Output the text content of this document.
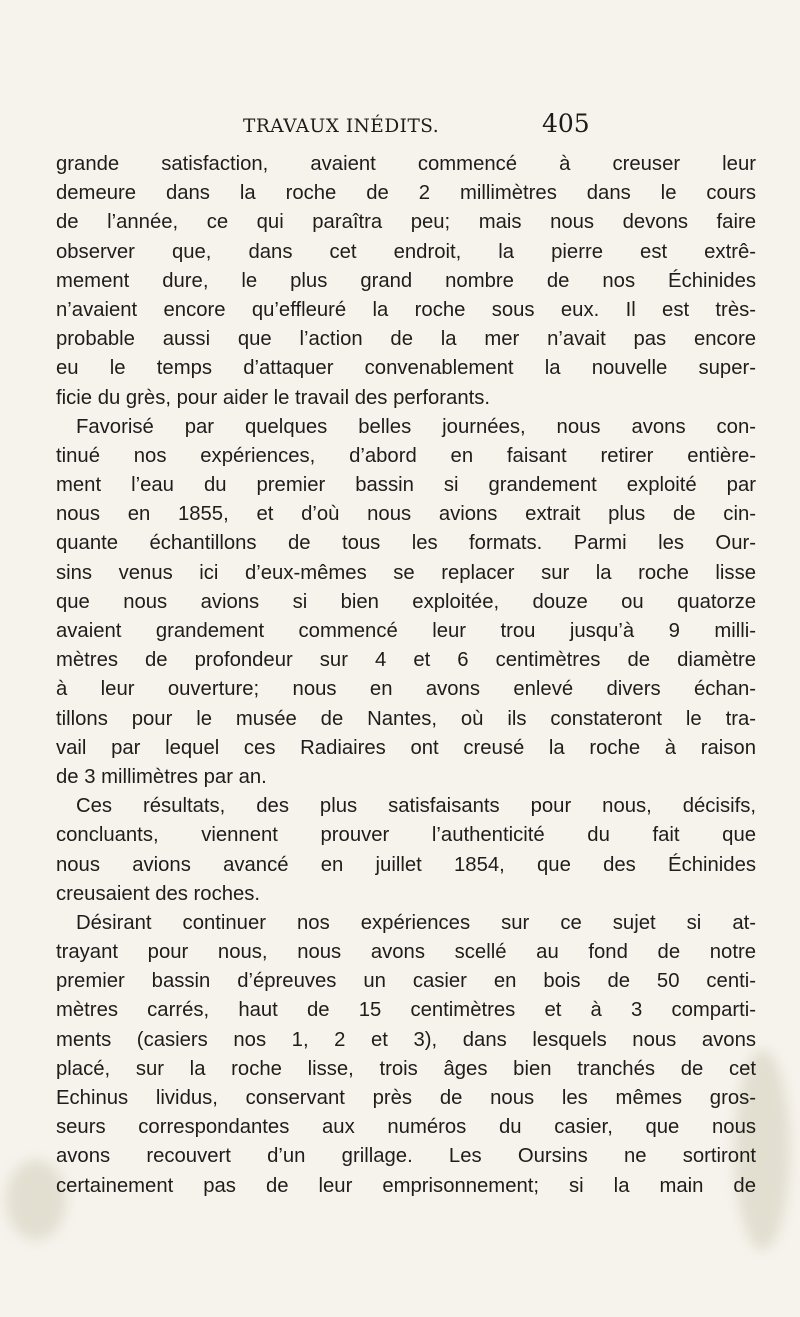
TRAVAUX INÉDITS.	405
grande satisfaction, avaient commencé à creuser leur
demeure dans la roche de 2 millimètres dans le cours
de l’année, ce qui paraîtra peu; mais nous devons faire
observer que, dans cet endroit, la pierre est extrê-
mement dure, le plus grand nombre de nos Échinides
n’avaient encore qu’effleuré la roche sous eux. Il est très-
probable aussi que l’action de la mer n’avait pas encore
eu le temps d’attaquer convenablement la nouvelle super-
ficie du grès, pour aider le travail des perforants.
Favorisé par quelques belles journées, nous avons con-
tinué nos expériences, d’abord en faisant retirer entière-
ment l’eau du premier bassin si grandement exploité par
nous en 1855, et d’où nous avions extrait plus de cin-
quante échantillons de tous les formats. Parmi les Our-
sins venus ici d’eux-mêmes se replacer sur la roche lisse
que nous avions si bien exploitée, douze ou quatorze
avaient grandement commencé leur trou jusqu’à 9 milli-
mètres de profondeur sur 4 et 6 centimètres de diamètre
à leur ouverture; nous en avons enlevé divers échan-
tillons pour le musée de Nantes, où ils constateront le tra-
vail par lequel ces Radiaires ont creusé la roche à raison
de 3 millimètres par an.
Ces résultats, des plus satisfaisants pour nous, décisifs,
concluants, viennent prouver l’authenticité du fait que
nous avions avancé en juillet 1854, que des Échinides
creusaient des roches.
Désirant continuer nos expériences sur ce sujet si at-
trayant pour nous, nous avons scellé au fond de notre
premier bassin d’épreuves un casier en bois de 50 centi-
mètres carrés, haut de 15 centimètres et à 3 comparti-
ments (casiers nos 1, 2 et 3), dans lesquels nous avons
placé, sur la roche lisse, trois âges bien tranchés de cet
Echinus lividus, conservant près de nous les mêmes gros-
seurs correspondantes aux numéros du casier, que nous
avons recouvert d’un grillage. Les Oursins ne sortiront
certainement pas de leur emprisonnement; si la main de
